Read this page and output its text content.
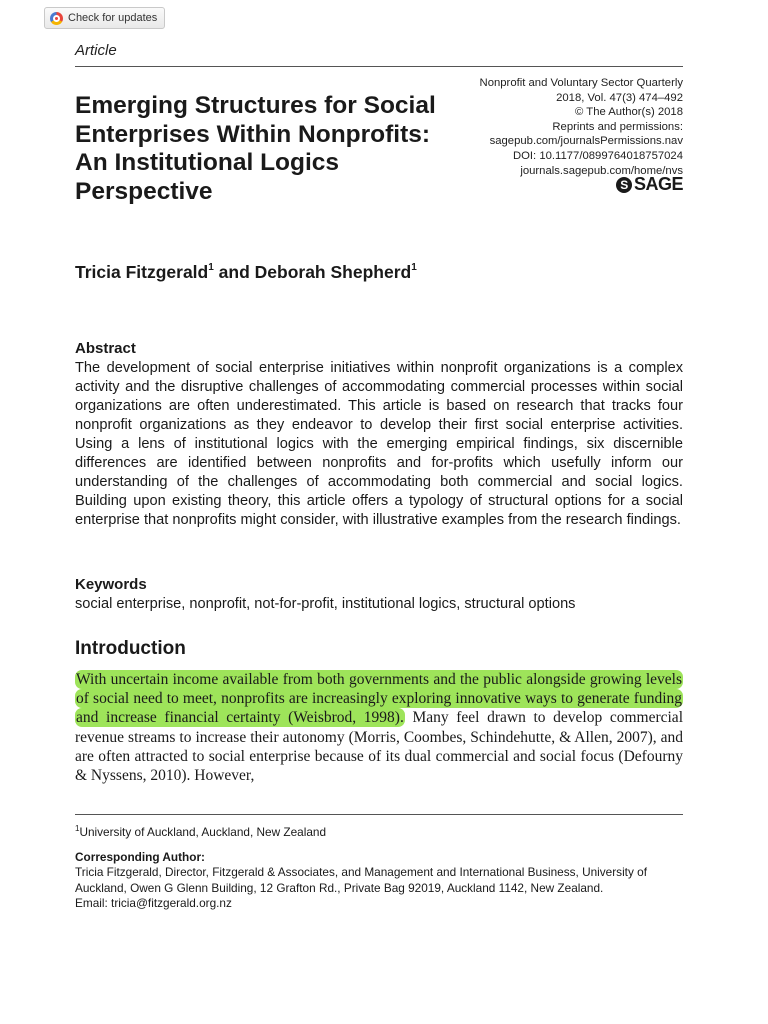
Check for updates
Article
Nonprofit and Voluntary Sector Quarterly
2018, Vol. 47(3) 474–492
© The Author(s) 2018
Reprints and permissions:
sagepub.com/journalsPermissions.nav
DOI: 10.1177/0899764018757024
journals.sagepub.com/home/nvs
S SAGE
Emerging Structures for Social Enterprises Within Nonprofits: An Institutional Logics Perspective
Tricia Fitzgerald$^1$ and Deborah Shepherd$^1$
Abstract

The development of social enterprise initiatives within nonprofit organizations is a complex activity and the disruptive challenges of accommodating commercial processes within social organizations are often underestimated. This article is based on research that tracks four nonprofit organizations as they endeavor to develop their first social enterprise activities. Using a lens of institutional logics with the emerging empirical findings, six discernible differences are identified between nonprofits and for-profits which usefully inform our understanding of the challenges of accommodating both commercial and social logics. Building upon existing theory, this article offers a typology of structural options for a social enterprise that nonprofits might consider, with illustrative examples from the research findings.

Keywords
social enterprise, nonprofit, not-for-profit, institutional logics, structural options
Introduction

With uncertain income available from both governments and the public alongside growing levels of social need to meet, nonprofits are increasingly exploring innovative ways to generate funding and increase financial certainty (Weisbrod, 1998). Many feel drawn to develop commercial revenue streams to increase their autonomy (Morris, Coombes, Schindehutte, & Allen, 2007), and are often attracted to social enterprise because of its dual commercial and social focus (Defourny & Nyssens, 2010). However,

$^1$University of Auckland, Auckland, New Zealand
Corresponding Author:

Tricia Fitzgerald, Director, Fitzgerald & Associates, and Management and International Business, University of Auckland, Owen G Glenn Building, 12 Grafton Rd., Private Bag 92019, Auckland 1142, New Zealand.
Email: tricia@fitzgerald.org.nz
